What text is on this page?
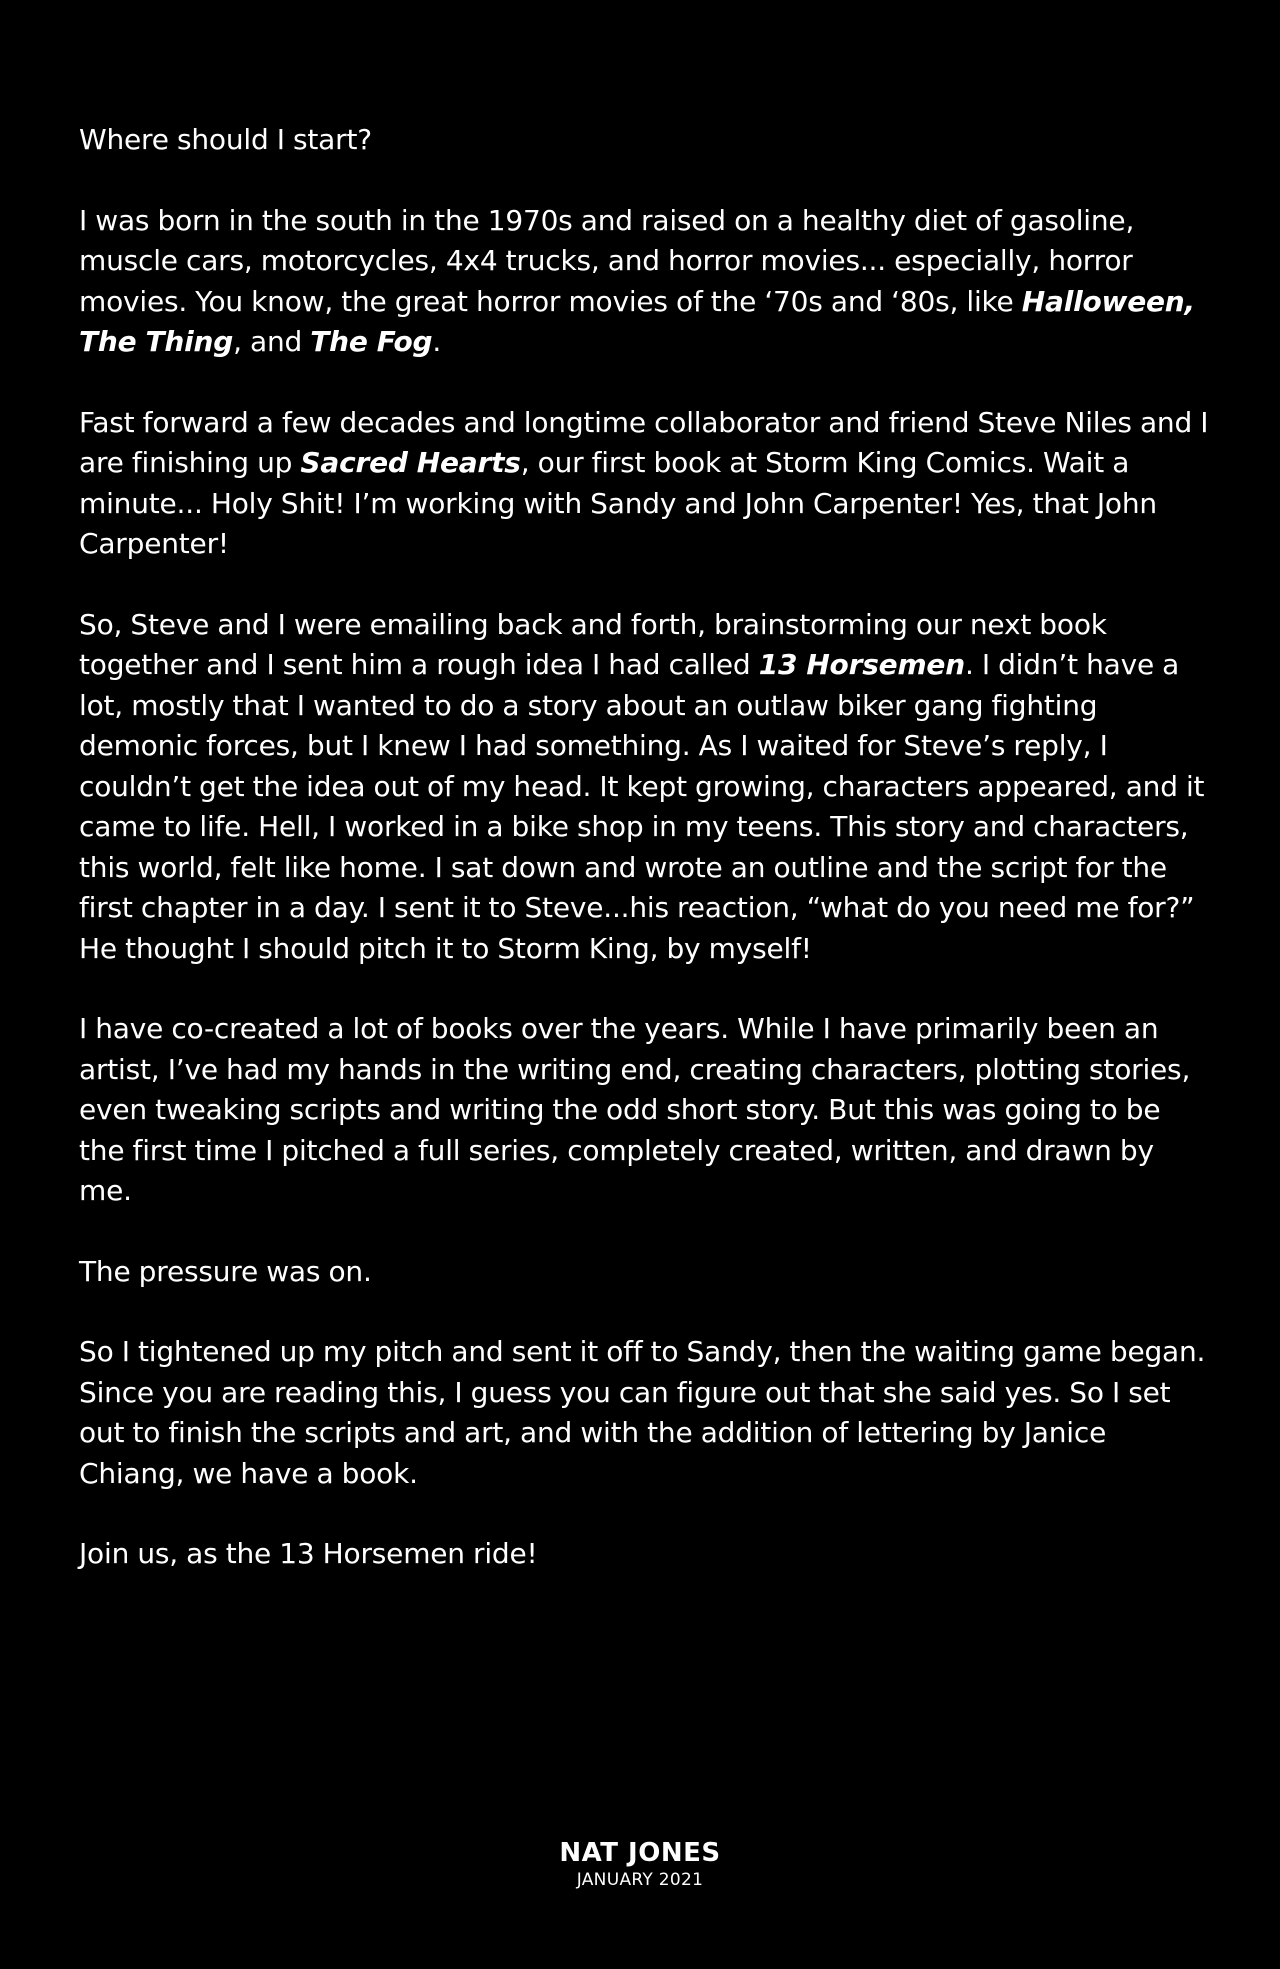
Where should I start?

I was born in the south in the 1970s and raised on a healthy diet of gasoline, muscle cars, motorcycles, 4x4 trucks, and horror movies... especially, horror movies. You know, the great horror movies of the ‘70s and ‘80s, like Halloween, The Thing, and The Fog.

Fast forward a few decades and longtime collaborator and friend Steve Niles and I are finishing up Sacred Hearts, our first book at Storm King Comics. Wait a minute... Holy Shit! I’m working with Sandy and John Carpenter! Yes, that John Carpenter!

So, Steve and I were emailing back and forth, brainstorming our next book together and I sent him a rough idea I had called 13 Horsemen. I didn’t have a lot, mostly that I wanted to do a story about an outlaw biker gang fighting demonic forces, but I knew I had something. As I waited for Steve’s reply, I couldn’t get the idea out of my head. It kept growing, characters appeared, and it came to life. Hell, I worked in a bike shop in my teens. This story and characters, this world, felt like home. I sat down and wrote an outline and the script for the first chapter in a day. I sent it to Steve...his reaction, “what do you need me for?” He thought I should pitch it to Storm King, by myself!

I have co-created a lot of books over the years. While I have primarily been an artist, I’ve had my hands in the writing end, creating characters, plotting stories, even tweaking scripts and writing the odd short story. But this was going to be the first time I pitched a full series, completely created, written, and drawn by me.

The pressure was on.

So I tightened up my pitch and sent it off to Sandy, then the waiting game began. Since you are reading this, I guess you can figure out that she said yes. So I set out to finish the scripts and art, and with the addition of lettering by Janice Chiang, we have a book.

Join us, as the 13 Horsemen ride!

NAT JONES
JANUARY 2021
